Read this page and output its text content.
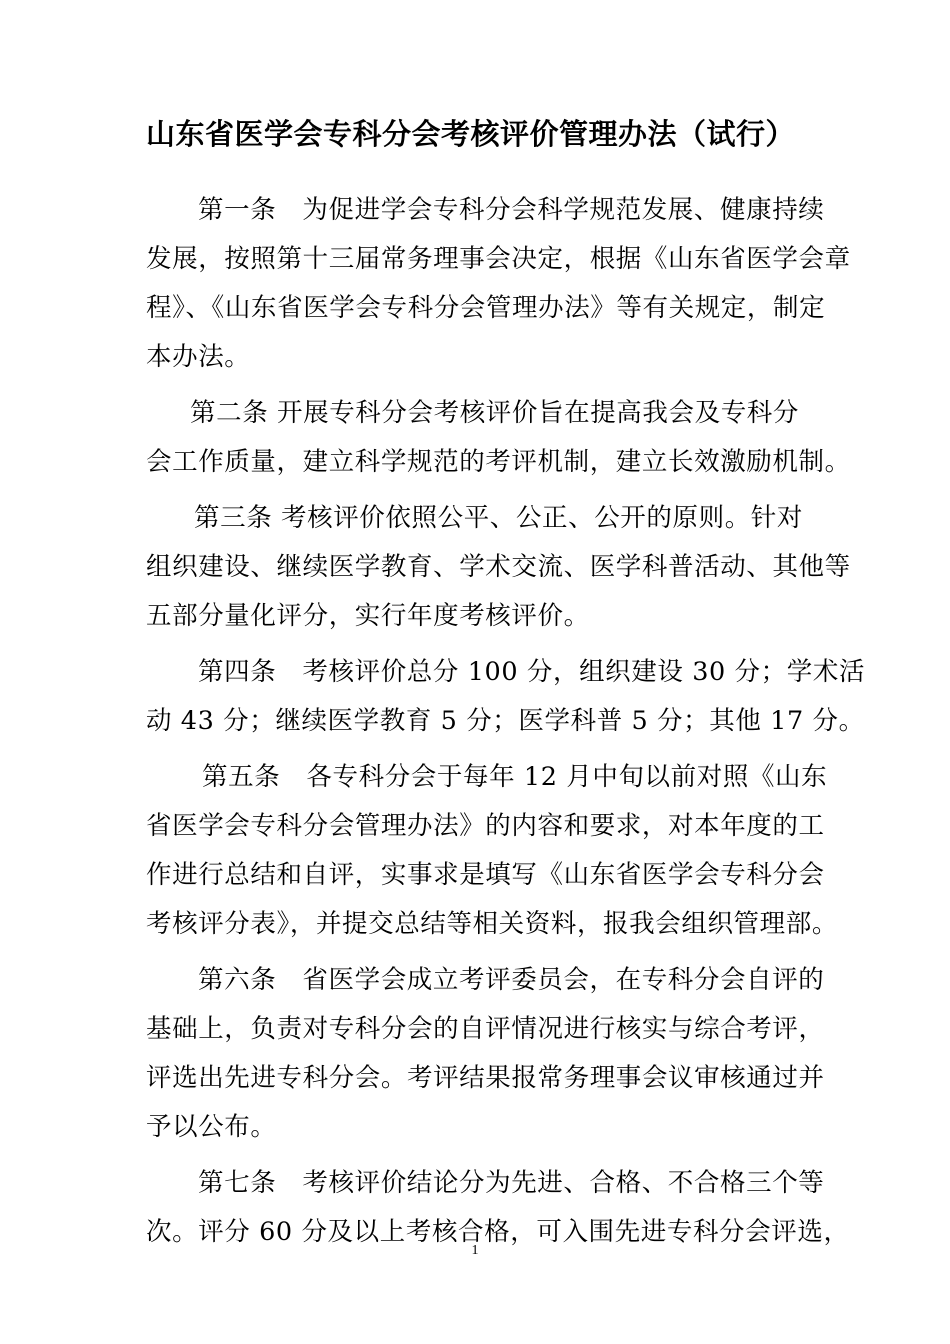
山东省医学会专科分会考核评价管理办法（试行）
第一条　为促进学会专科分会科学规范发展、健康持续
发展，按照第十三届常务理事会决定，根据《山东省医学会章
程》、《山东省医学会专科分会管理办法》等有关规定，制定
本办法。
第二条 开展专科分会考核评价旨在提高我会及专科分
会工作质量，建立科学规范的考评机制，建立长效激励机制。
第三条 考核评价依照公平、公正、公开的原则。针对
组织建设、继续医学教育、学术交流、医学科普活动、其他等
五部分量化评分，实行年度考核评价。
第四条　考核评价总分 100 分，组织建设 30 分；学术活
动 43 分；继续医学教育 5 分；医学科普 5 分；其他 17 分。
第五条　各专科分会于每年 12 月中旬以前对照《山东
省医学会专科分会管理办法》的内容和要求，对本年度的工
作进行总结和自评，实事求是填写《山东省医学会专科分会
考核评分表》，并提交总结等相关资料，报我会组织管理部。
第六条　省医学会成立考评委员会，在专科分会自评的
基础上，负责对专科分会的自评情况进行核实与综合考评，
评选出先进专科分会。考评结果报常务理事会议审核通过并
予以公布。
第七条　考核评价结论分为先进、合格、不合格三个等
次。评分 60 分及以上考核合格，可入围先进专科分会评选，
1
